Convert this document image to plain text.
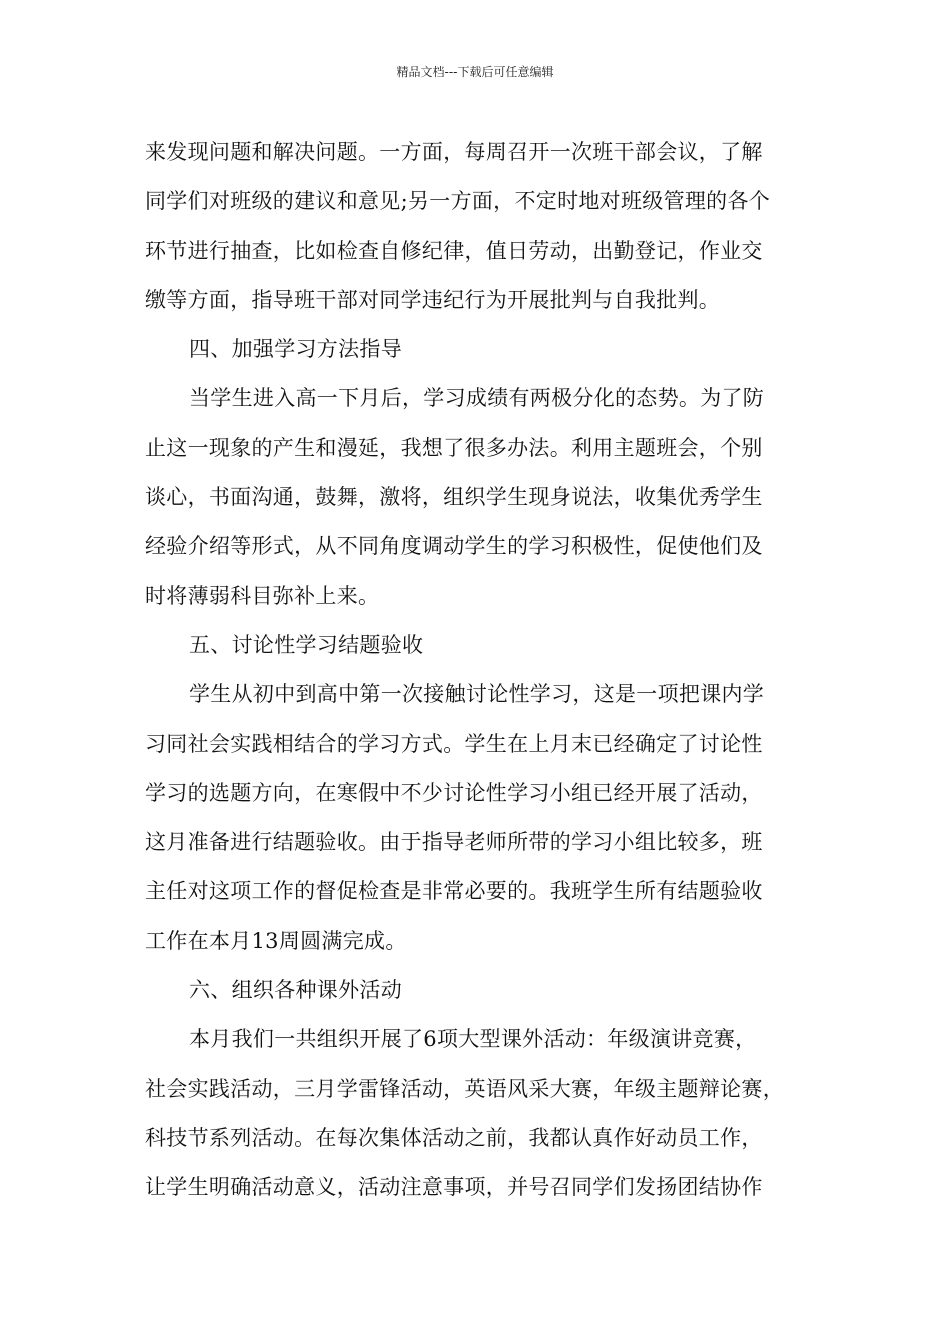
精品文档---下载后可任意编辑
来发现问题和解决问题。一方面，每周召开一次班干部会议，了解
同学们对班级的建议和意见;另一方面，不定时地对班级管理的各个
环节进行抽查，比如检查自修纪律，值日劳动，出勤登记，作业交
缴等方面，指导班干部对同学违纪行为开展批判与自我批判。
四、加强学习方法指导
当学生进入高一下月后，学习成绩有两极分化的态势。为了防
止这一现象的产生和漫延，我想了很多办法。利用主题班会，个别
谈心，书面沟通，鼓舞，激将，组织学生现身说法，收集优秀学生
经验介绍等形式，从不同角度调动学生的学习积极性，促使他们及
时将薄弱科目弥补上来。
五、讨论性学习结题验收
学生从初中到高中第一次接触讨论性学习，这是一项把课内学
习同社会实践相结合的学习方式。学生在上月末已经确定了讨论性
学习的选题方向，在寒假中不少讨论性学习小组已经开展了活动，
这月准备进行结题验收。由于指导老师所带的学习小组比较多，班
主任对这项工作的督促检查是非常必要的。我班学生所有结题验收
工作在本月13周圆满完成。
六、组织各种课外活动
本月我们一共组织开展了6项大型课外活动：年级演讲竞赛，
社会实践活动，三月学雷锋活动，英语风采大赛，年级主题辩论赛，
科技节系列活动。在每次集体活动之前，我都认真作好动员工作，
让学生明确活动意义，活动注意事项，并号召同学们发扬团结协作
